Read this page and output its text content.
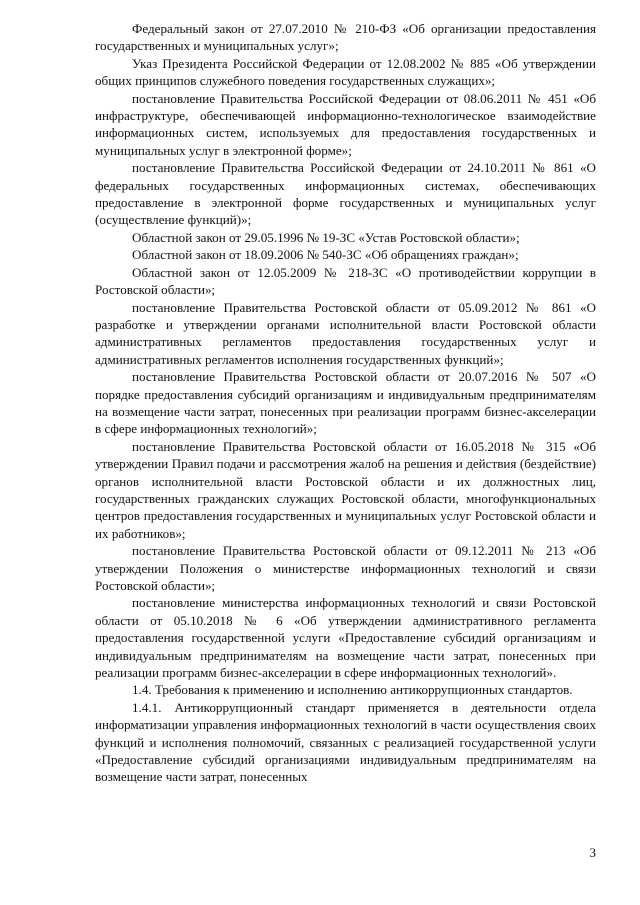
Федеральный закон от 27.07.2010 № 210-ФЗ «Об организации предоставления государственных и муниципальных услуг»;

Указ Президента Российской Федерации от 12.08.2002 № 885 «Об утверждении общих принципов служебного поведения государственных служащих»;

постановление Правительства Российской Федерации от 08.06.2011 № 451 «Об инфраструктуре, обеспечивающей информационно-технологическое взаимодействие информационных систем, используемых для предоставления государственных и муниципальных услуг в электронной форме»;

постановление Правительства Российской Федерации от 24.10.2011 № 861 «О федеральных государственных информационных системах, обеспечивающих предоставление в электронной форме государственных и муниципальных услуг (осуществление функций)»;

Областной закон от 29.05.1996 № 19-ЗС «Устав Ростовской области»;

Областной закон от 18.09.2006 № 540-ЗС «Об обращениях граждан»;

Областной закон от 12.05.2009 № 218-ЗС «О противодействии коррупции в Ростовской области»;

постановление Правительства Ростовской области от 05.09.2012 № 861 «О разработке и утверждении органами исполнительной власти Ростовской области административных регламентов предоставления государственных услуг и административных регламентов исполнения государственных функций»;

постановление Правительства Ростовской области от 20.07.2016 № 507 «О порядке предоставления субсидий организациям и индивидуальным предпринимателям на возмещение части затрат, понесенных при реализации программ бизнес-акселерации в сфере информационных технологий»;

постановление Правительства Ростовской области от 16.05.2018 № 315 «Об утверждении Правил подачи и рассмотрения жалоб на решения и действия (бездействие) органов исполнительной власти Ростовской области и их должностных лиц, государственных гражданских служащих Ростовской области, многофункциональных центров предоставления государственных и муниципальных услуг Ростовской области и их работников»;

постановление Правительства Ростовской области от 09.12.2011 № 213 «Об утверждении Положения о министерстве информационных технологий и связи Ростовской области»;

постановление министерства информационных технологий и связи Ростовской области от 05.10.2018 № 6 «Об утверждении административного регламента предоставления государственной услуги «Предоставление субсидий организациям и индивидуальным предпринимателям на возмещение части затрат, понесенных при реализации программ бизнес-акселерации в сфере информационных технологий».

1.4. Требования к применению и исполнению антикоррупционных стандартов.

1.4.1. Антикоррупционный стандарт применяется в деятельности отдела информатизации управления информационных технологий в части осуществления своих функций и исполнения полномочий, связанных с реализацией государственной услуги «Предоставление субсидий организациями индивидуальным предпринимателям на возмещение части затрат, понесенных

3
